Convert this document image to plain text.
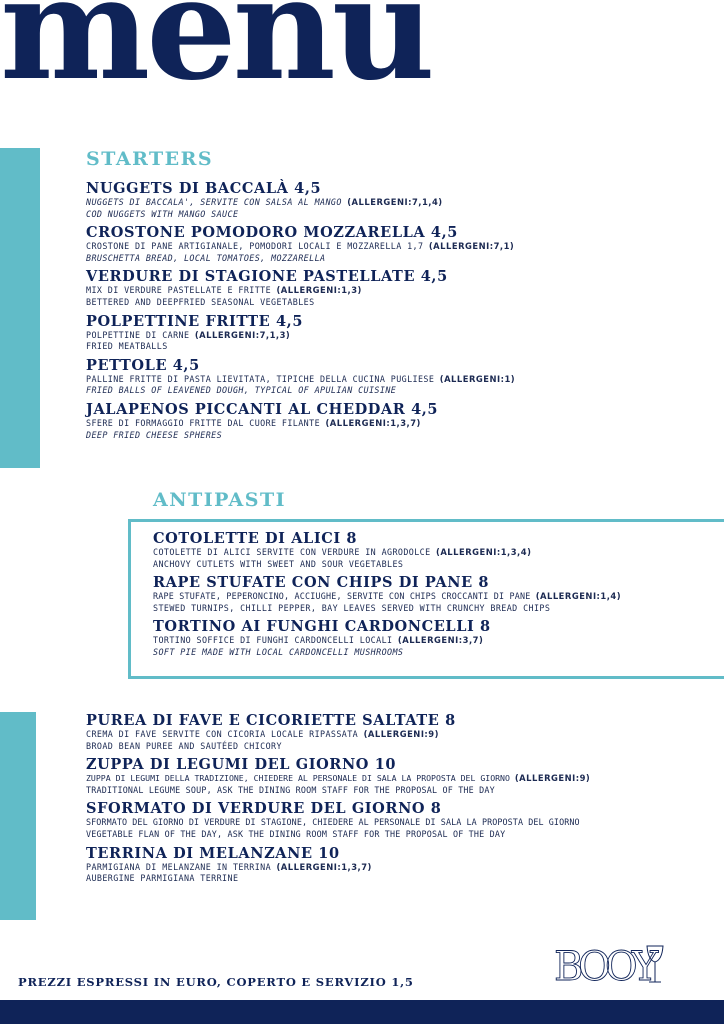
menu
STARTERS
NUGGETS DI BACCALÀ 4,5
NUGGETS DI BACCALA', SERVITE CON SALSA AL MANGO (ALLERGENI:7,1,4)
COD NUGGETS WITH MANGO SAUCE
CROSTONE POMODORO MOZZARELLA 4,5
CROSTONE DI PANE ARTIGIANALE, POMODORI LOCALI E MOZZARELLA 1,7 (ALLERGENI:7,1)
BRUSCHETTA BREAD, LOCAL TOMATOES, MOZZARELLA
VERDURE DI STAGIONE PASTELLATE 4,5
MIX DI VERDURE PASTELLATE E FRITTE (ALLERGENI:1,3)
BETTERED AND DEEPFRIED SEASONAL VEGETABLES
POLPETTINE FRITTE 4,5
POLPETTINE DI CARNE (ALLERGENI:7,1,3)
FRIED MEATBALLS
PETTOLE 4,5
PALLINE FRITTE DI PASTA LIEVITATA, TIPICHE DELLA CUCINA PUGLIESE (ALLERGENI:1)
FRIED BALLS OF LEAVENED DOUGH, TYPICAL OF APULIAN CUISINE
JALAPENOS PICCANTI AL CHEDDAR 4,5
SFERE DI FORMAGGIO FRITTE DAL CUORE FILANTE (ALLERGENI:1,3,7)
DEEP FRIED CHEESE SPHERES
ANTIPASTI
COTOLETTE DI ALICI 8
COTOLETTE DI ALICI SERVITE CON VERDURE IN AGRODOLCE (ALLERGENI:1,3,4)
ANCHOVY CUTLETS WITH SWEET AND SOUR VEGETABLES
RAPE STUFATE CON CHIPS DI PANE 8
RAPE STUFATE, PEPERONCINO, ACCIUGHE, SERVITE CON CHIPS CROCCANTI DI PANE (ALLERGENI:1,4)
STEWED TURNIPS, CHILLI PEPPER, BAY LEAVES SERVED WITH CRUNCHY BREAD CHIPS
TORTINO AI FUNGHI CARDONCELLI 8
TORTINO SOFFICE DI FUNGHI CARDONCELLI LOCALI (ALLERGENI:3,7)
SOFT PIE MADE WITH LOCAL CARDONCELLI MUSHROOMS
PUREA DI FAVE E CICORIETTE SALTATE 8
CREMA DI FAVE SERVITE CON CICORIA LOCALE RIPASSATA (ALLERGENI:9)
BROAD BEAN PUREE AND SAUTÉED CHICORY
ZUPPA DI LEGUMI DEL GIORNO 10
ZUPPA DI LEGUMI DELLA TRADIZIONE, CHIEDERE AL PERSONALE DI SALA LA PROPOSTA DEL GIORNO (ALLERGENI:9)
TRADITIONAL LEGUME SOUP, ASK THE DINING ROOM STAFF FOR THE PROPOSAL OF THE DAY
SFORMATO DI VERDURE DEL GIORNO 8
SFORMATO DEL GIORNO DI VERDURE DI STAGIONE, CHIEDERE AL PERSONALE DI SALA LA PROPOSTA DEL GIORNO
VEGETABLE FLAN OF THE DAY, ASK THE DINING ROOM STAFF FOR THE PROPOSAL OF THE DAY
TERRINA DI MELANZANE 10
PARMIGIANA DI MELANZANE IN TERRINA (ALLERGENI:1,3,7)
AUBERGINE PARMIGIANA TERRINE
BOOY

PREZZI ESPRESSI IN EURO, COPERTO E SERVIZIO 1,5
